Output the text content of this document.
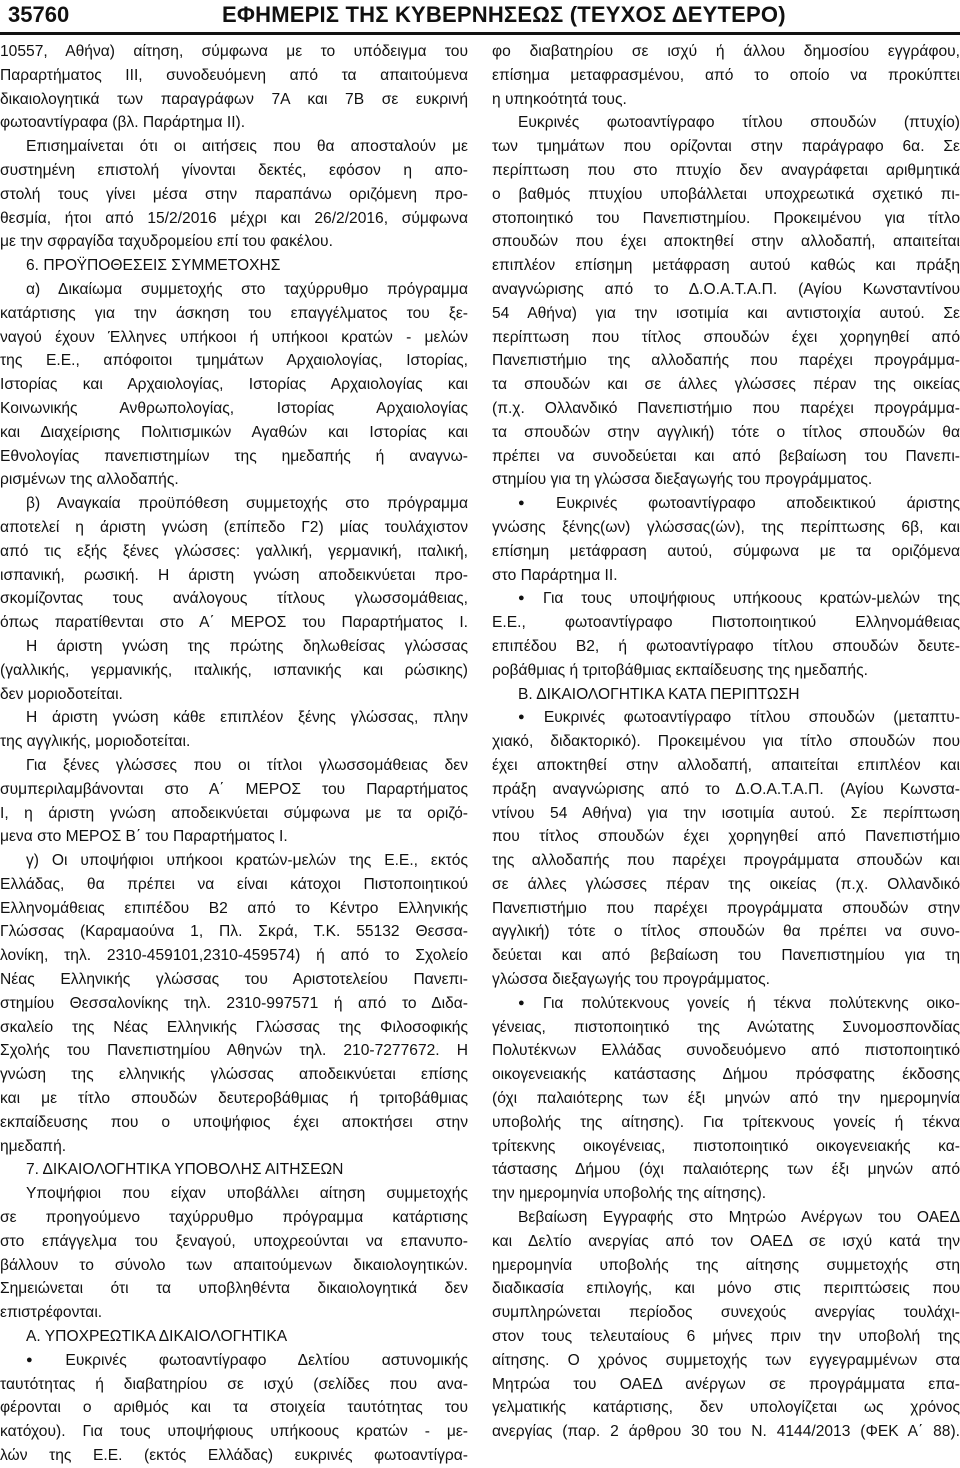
35760	ΕΦΗΜΕΡΙΣ ΤΗΣ ΚΥΒΕΡΝΗΣΕΩΣ (ΤΕΥΧΟΣ ΔΕΥΤΕΡΟ)
10557, Αθήνα) αίτηση, σύμφωνα με το υπόδειγμα του
Παραρτήματος ΙΙΙ, συνοδευόμενη από τα απαιτούμενα
δικαιολογητικά των παραγράφων 7Α και 7Β σε ευκρινή
φωτοαντίγραφα (βλ. Παράρτημα ΙΙ).
Επισημαίνεται ότι οι αιτήσεις που θα αποσταλούν με
συστημένη επιστολή γίνονται δεκτές, εφόσον η απο-
στολή τους γίνει μέσα στην παραπάνω οριζόμενη προ-
θεσμία, ήτοι από 15/2/2016 μέχρι και 26/2/2016, σύμφωνα
με την σφραγίδα ταχυδρομείου επί του φακέλου.
6. ΠΡΟΫΠΟΘΕΣΕΙΣ ΣΥΜΜΕΤΟΧΗΣ
α) Δικαίωμα συμμετοχής στο ταχύρρυθμο πρόγραμμα
κατάρτισης για την άσκηση του επαγγέλματος του ξε-
ναγού έχουν Έλληνες υπήκοοι ή υπήκοοι κρατών - μελών
της Ε.Ε., απόφοιτοι τμημάτων Αρχαιολογίας, Ιστορίας,
Ιστορίας και Αρχαιολογίας, Ιστορίας Αρχαιολογίας και
Κοινωνικής Ανθρωπολογίας, Ιστορίας Αρχαιολογίας
και Διαχείρισης Πολιτισμικών Αγαθών και Ιστορίας και
Εθνολογίας πανεπιστημίων της ημεδαπής ή αναγνω-
ρισμένων της αλλοδαπής.
β) Αναγκαία προϋπόθεση συμμετοχής στο πρόγραμμα
αποτελεί η άριστη γνώση (επίπεδο Γ2) μίας τουλάχιστον
από τις εξής ξένες γλώσσες: γαλλική, γερμανική, ιταλική,
ισπανική, ρωσική. Η άριστη γνώση αποδεικνύεται προ-
σκομίζοντας τους ανάλογους τίτλους γλωσσομάθειας,
όπως παρατίθενται στο Α΄ ΜΕΡΟΣ του Παραρτήματος Ι.
Η άριστη γνώση της πρώτης δηλωθείσας γλώσσας
(γαλλικής, γερμανικής, ιταλικής, ισπανικής και ρώσικης)
δεν μοριοδοτείται.
Η άριστη γνώση κάθε επιπλέον ξένης γλώσσας, πλην
της αγγλικής, μοριοδοτείται.
Για ξένες γλώσσες που οι τίτλοι γλωσσομάθειας δεν
συμπεριλαμβάνονται στο Α΄ ΜΕΡΟΣ του Παραρτήματος
Ι, η άριστη γνώση αποδεικνύεται σύμφωνα με τα οριζό-
μενα στο ΜΕΡΟΣ Β΄ του Παραρτήματος Ι.
γ) Οι υποψήφιοι υπήκοοι κρατών-μελών της Ε.Ε., εκτός
Ελλάδας, θα πρέπει να είναι κάτοχοι Πιστοποιητικού
Ελληνομάθειας επιπέδου Β2 από το Κέντρο Ελληνικής
Γλώσσας (Καραμαούνα 1, Πλ. Σκρά, Τ.Κ. 55132 Θεσσα-
λονίκη, τηλ. 2310-459101,2310-459574) ή από το Σχολείο
Νέας Ελληνικής γλώσσας του Αριστοτελείου Πανεπι-
στημίου Θεσσαλονίκης τηλ. 2310-997571 ή από το Διδα-
σκαλείο της Νέας Ελληνικής Γλώσσας της Φιλοσοφικής
Σχολής του Πανεπιστημίου Αθηνών τηλ. 210-7277672. Η
γνώση της ελληνικής γλώσσας αποδεικνύεται επίσης
και με τίτλο σπουδών δευτεροβάθμιας ή τριτοβάθμιας
εκπαίδευσης που ο υποψήφιος έχει αποκτήσει στην
ημεδαπή.
7. ΔΙΚΑΙΟΛΟΓΗΤΙΚΑ ΥΠΟΒΟΛΗΣ ΑΙΤΗΣΕΩΝ
Υποψήφιοι που είχαν υποβάλλει αίτηση συμμετοχής
σε προηγούμενο ταχύρρυθμο πρόγραμμα κατάρτισης
στο επάγγελμα του ξεναγού, υποχρεούνται να επανυπο-
βάλλουν το σύνολο των απαιτούμενων δικαιολογητικών.
Σημειώνεται ότι τα υποβληθέντα δικαιολογητικά δεν
επιστρέφονται.
Α. ΥΠΟΧΡΕΩΤΙΚΑ ΔΙΚΑΙΟΛΟΓΗΤΙΚΑ
● Ευκρινές φωτοαντίγραφο Δελτίου αστυνομικής
ταυτότητας ή διαβατηρίου σε ισχύ (σελίδες που ανα-
φέρονται ο αριθμός και τα στοιχεία ταυτότητας του
κατόχου). Για τους υποψήφιους υπήκοους κρατών - με-
λών της Ε.Ε. (εκτός Ελλάδας) ευκρινές φωτοαντίγρα-
φο διαβατηρίου σε ισχύ ή άλλου δημοσίου εγγράφου,
επίσημα μεταφρασμένου, από το οποίο να προκύπτει
η υπηκοότητά τους.
Ευκρινές φωτοαντίγραφο τίτλου σπουδών (πτυχίο)
των τμημάτων που ορίζονται στην παράγραφο 6α. Σε
περίπτωση που στο πτυχίο δεν αναγράφεται αριθμητικά
ο βαθμός πτυχίου υποβάλλεται υποχρεωτικά σχετικό πι-
στοποιητικό του Πανεπιστημίου. Προκειμένου για τίτλο
σπουδών που έχει αποκτηθεί στην αλλοδαπή, απαιτείται
επιπλέον επίσημη μετάφραση αυτού καθώς και πράξη
αναγνώρισης από το Δ.Ο.Α.Τ.Α.Π. (Αγίου Κωνσταντίνου
54 Αθήνα) για την ισοτιμία και αντιστοιχία αυτού. Σε
περίπτωση που τίτλος σπουδών έχει χορηγηθεί από
Πανεπιστήμιο της αλλοδαπής που παρέχει προγράμμα-
τα σπουδών και σε άλλες γλώσσες πέραν της οικείας
(π.χ. Ολλανδικό Πανεπιστήμιο που παρέχει προγράμμα-
τα σπουδών στην αγγλική) τότε ο τίτλος σπουδών θα
πρέπει να συνοδεύεται και από βεβαίωση του Πανεπι-
στημίου για τη γλώσσα διεξαγωγής του προγράμματος.
● Ευκρινές φωτοαντίγραφο αποδεικτικού άριστης
γνώσης ξένης(ων) γλώσσας(ών), της περίπτωσης 6β, και
επίσημη μετάφραση αυτού, σύμφωνα με τα οριζόμενα
στο Παράρτημα ΙΙ.
● Για τους υποψήφιους υπήκοους κρατών-μελών της
Ε.Ε., φωτοαντίγραφο Πιστοποιητικού Ελληνομάθειας
επιπέδου Β2, ή φωτοαντίγραφο τίτλου σπουδών δευτε-
ροβάθμιας ή τριτοβάθμιας εκπαίδευσης της ημεδαπής.
Β. ΔΙΚΑΙΟΛΟΓΗΤΙΚΑ ΚΑΤΑ ΠΕΡΙΠΤΩΣΗ
● Ευκρινές φωτοαντίγραφο τίτλου σπουδών (μεταπτυ-
χιακό, διδακτορικό). Προκειμένου για τίτλο σπουδών που
έχει αποκτηθεί στην αλλοδαπή, απαιτείται επιπλέον και
πράξη αναγνώρισης από το Δ.Ο.Α.Τ.Α.Π. (Αγίου Κωνστα-
ντίνου 54 Αθήνα) για την ισοτιμία αυτού. Σε περίπτωση
που τίτλος σπουδών έχει χορηγηθεί από Πανεπιστήμιο
της αλλοδαπής που παρέχει προγράμματα σπουδών και
σε άλλες γλώσσες πέραν της οικείας (π.χ. Ολλανδικό
Πανεπιστήμιο που παρέχει προγράμματα σπουδών στην
αγγλική) τότε ο τίτλος σπουδών θα πρέπει να συνο-
δεύεται και από βεβαίωση του Πανεπιστημίου για τη
γλώσσα διεξαγωγής του προγράμματος.
● Για πολύτεκνους γονείς ή τέκνα πολύτεκνης οικο-
γένειας, πιστοποιητικό της Ανώτατης Συνομοσπονδίας
Πολυτέκνων Ελλάδας συνοδευόμενο από πιστοποιητικό
οικογενειακής κατάστασης Δήμου πρόσφατης έκδοσης
(όχι παλαιότερης των έξι μηνών από την ημερομηνία
υποβολής της αίτησης). Για τρίτεκνους γονείς ή τέκνα
τρίτεκνης οικογένειας, πιστοποιητικό οικογενειακής κα-
τάστασης Δήμου (όχι παλαιότερης των έξι μηνών από
την ημερομηνία υποβολής της αίτησης).
Βεβαίωση Εγγραφής στο Μητρώο Ανέργων του ΟΑΕΔ
και Δελτίο ανεργίας από τον ΟΑΕΔ σε ισχύ κατά την
ημερομηνία υποβολής της αίτησης συμμετοχής στη
διαδικασία επιλογής, και μόνο στις περιπτώσεις που
συμπληρώνεται περίοδος συνεχούς ανεργίας τουλάχι-
στον τους τελευταίους 6 μήνες πριν την υποβολή της
αίτησης. Ο χρόνος συμμετοχής των εγγεγραμμένων στα
Μητρώα του ΟΑΕΔ ανέργων σε προγράμματα επα-
γελματικής κατάρτισης, δεν υπολογίζεται ως χρόνος
ανεργίας (παρ. 2 άρθρου 30 του Ν. 4144/2013 (ΦΕΚ Α΄ 88).
